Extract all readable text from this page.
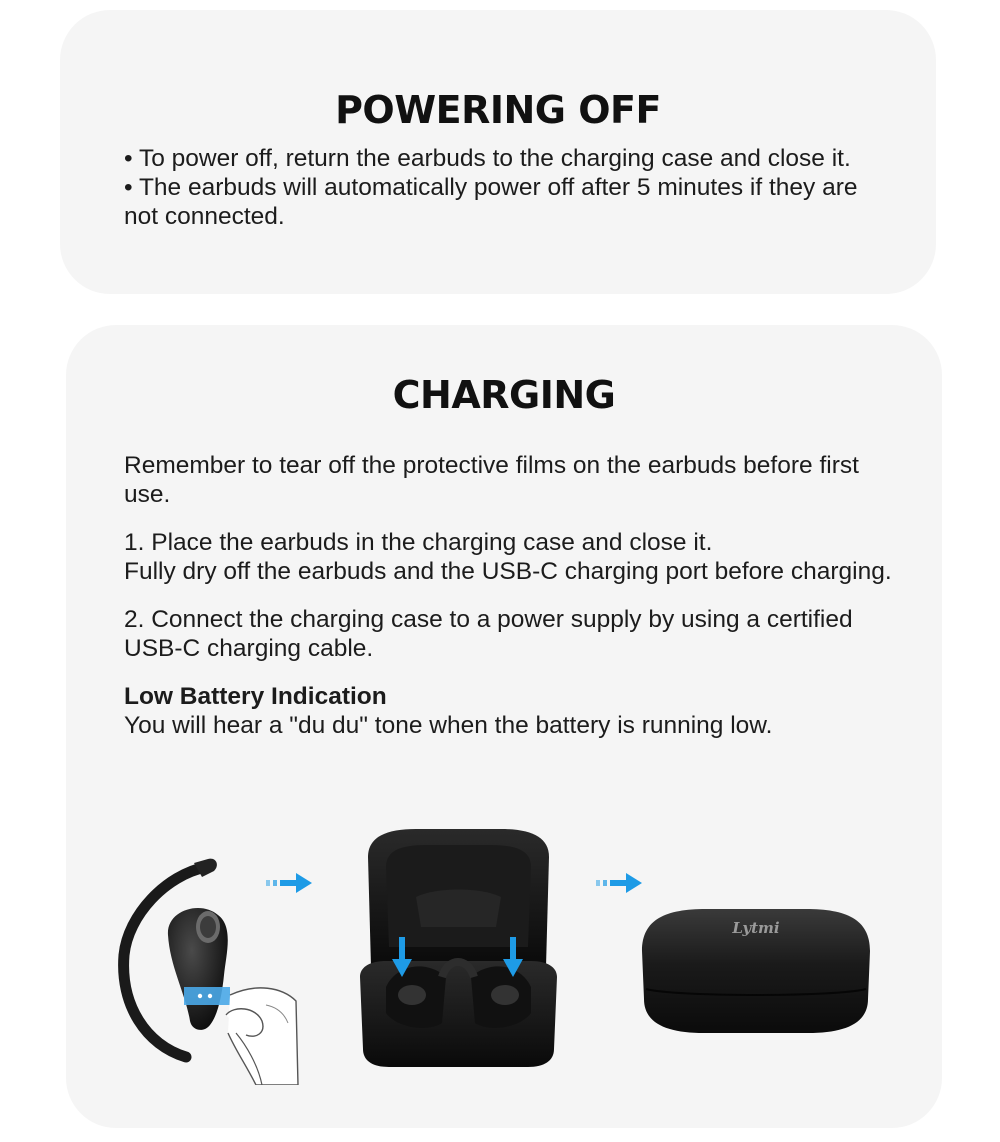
POWERING OFF

• To power off, return the earbuds to the charging case and close it.

• The earbuds will automatically power off after 5 minutes if they are not connected.

CHARGING

Remember to tear off the protective films on the earbuds before first use.

1. Place the earbuds in the charging case and close it.

Fully dry off the earbuds and the USB-C charging port before charging.

2. Connect the charging case to a power supply by using a certified USB-C charging cable.

Low Battery Indication

You will hear a "du du" tone when the battery is running low.

Lytmi
